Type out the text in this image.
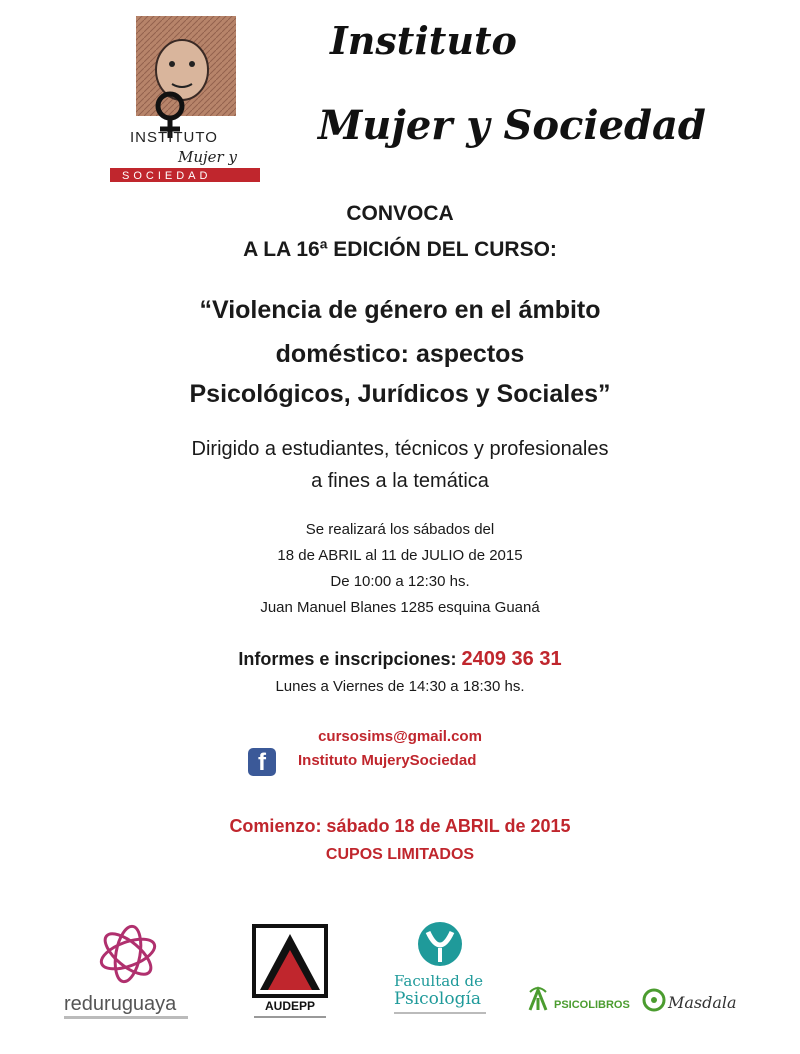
INSTITUTO
Mujer y
SOCIEDAD
Instituto
Mujer y Sociedad
CONVOCA
A LA 16ª EDICIÓN DEL CURSO:
“Violencia de género en el ámbito
doméstico: aspectos
Psicológicos, Jurídicos y Sociales”
Dirigido a estudiantes, técnicos y profesionales
a fines a la temática
Se realizará los sábados del
18 de ABRIL al 11 de JULIO de 2015
De 10:00 a 12:30 hs.
Juan Manuel Blanes 1285 esquina Guaná
Informes e inscripciones: 2409 36 31
Lunes a Viernes de 14:30 a 18:30 hs.
cursosims@gmail.com
f	Instituto MujerySociedad
Comienzo: sábado 18 de ABRIL de 2015
CUPOS LIMITADOS
reduruguaya	AUDEPP
Facultad de
Psicología	PSICOLIBROS Masdala
